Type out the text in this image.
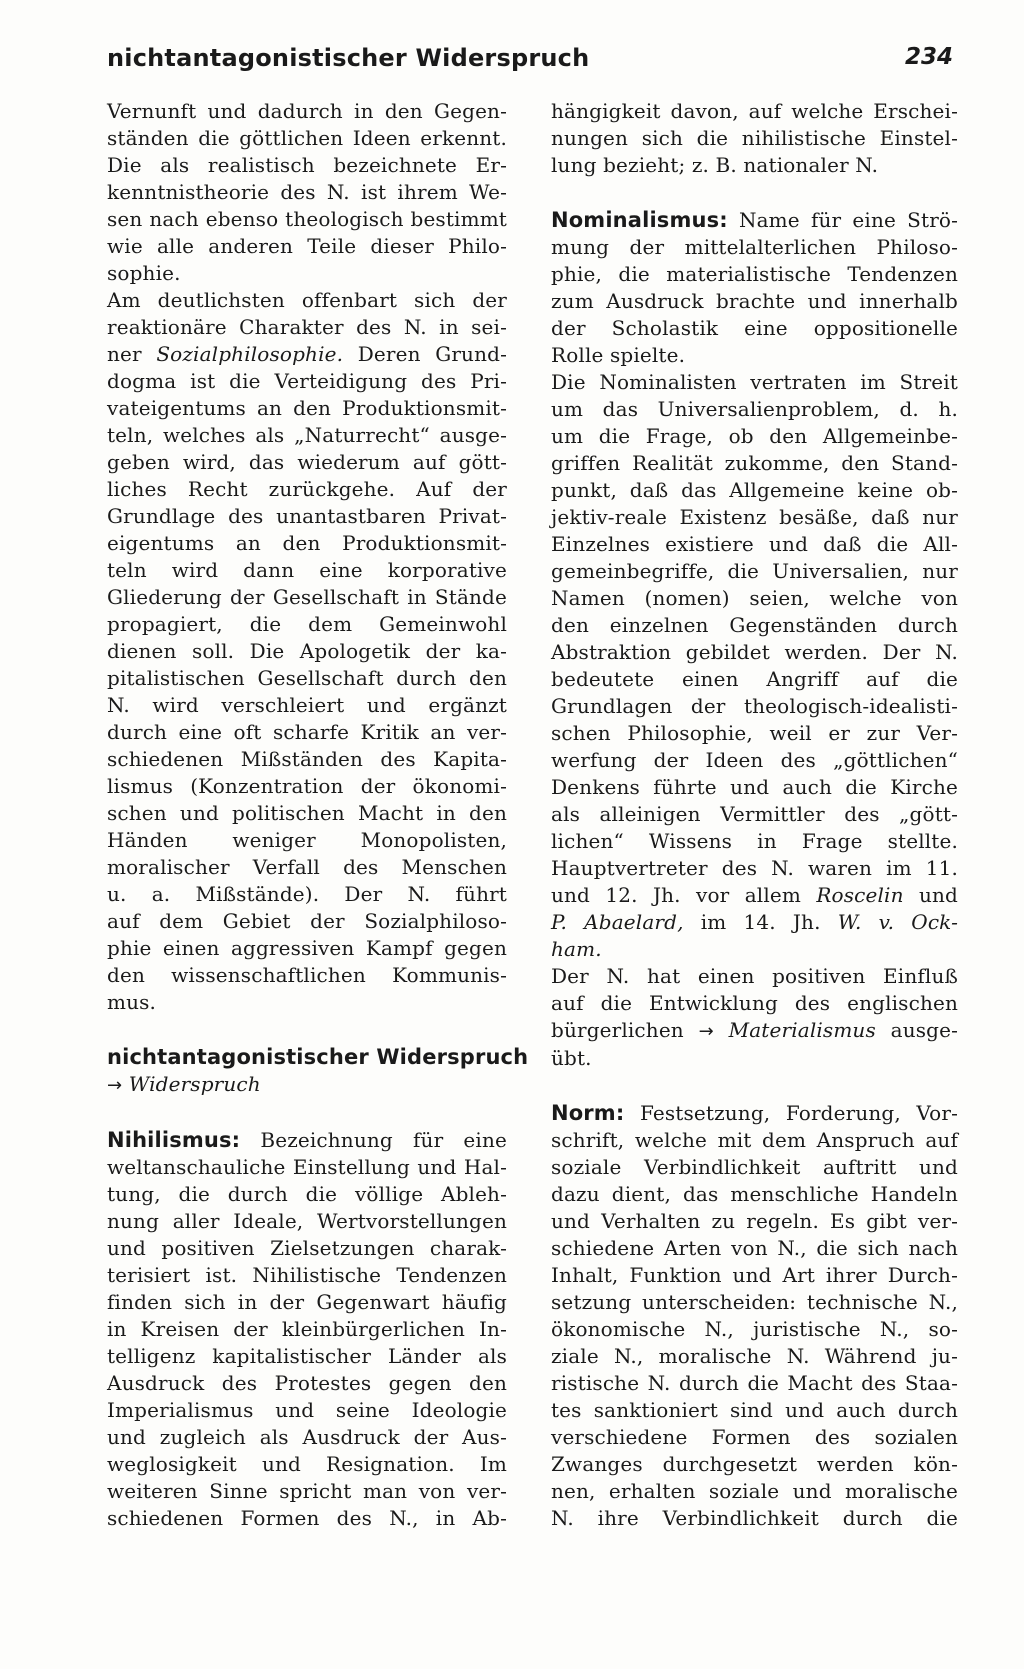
nichtantagonistischer Widerspruch	234
Vernunft und dadurch in den Gegen-
ständen die göttlichen Ideen erkennt.
Die als realistisch bezeichnete Er-
kenntnistheorie des N. ist ihrem We-
sen nach ebenso theologisch bestimmt
wie alle anderen Teile dieser Philo-
sophie.
Am deutlichsten offenbart sich der
reaktionäre Charakter des N. in sei-
ner Sozialphilosophie. Deren Grund-
dogma ist die Verteidigung des Pri-
vateigentums an den Produktionsmit-
teln, welches als „Naturrecht“ ausge-
geben wird, das wiederum auf gött-
liches Recht zurückgehe. Auf der
Grundlage des unantastbaren Privat-
eigentums an den Produktionsmit-
teln wird dann eine korporative
Gliederung der Gesellschaft in Stände
propagiert, die dem Gemeinwohl
dienen soll. Die Apologetik der ka-
pitalistischen Gesellschaft durch den
N. wird verschleiert und ergänzt
durch eine oft scharfe Kritik an ver-
schiedenen Mißständen des Kapita-
lismus (Konzentration der ökonomi-
schen und politischen Macht in den
Händen weniger Monopolisten,
moralischer Verfall des Menschen
u. a. Mißstände). Der N. führt
auf dem Gebiet der Sozialphiloso-
phie einen aggressiven Kampf gegen
den wissenschaftlichen Kommunis-
mus.
nichtantagonistischer Widerspruch
→ Widerspruch
Nihilismus: Bezeichnung für eine
weltanschauliche Einstellung und Hal-
tung, die durch die völlige Ableh-
nung aller Ideale, Wertvorstellungen
und positiven Zielsetzungen charak-
terisiert ist. Nihilistische Tendenzen
finden sich in der Gegenwart häufig
in Kreisen der kleinbürgerlichen In-
telligenz kapitalistischer Länder als
Ausdruck des Protestes gegen den
Imperialismus und seine Ideologie
und zugleich als Ausdruck der Aus-
weglosigkeit und Resignation. Im
weiteren Sinne spricht man von ver-
schiedenen Formen des N., in Ab-
hängigkeit davon, auf welche Erschei-
nungen sich die nihilistische Einstel-
lung bezieht; z. B. nationaler N.
Nominalismus: Name für eine Strö-
mung der mittelalterlichen Philoso-
phie, die materialistische Tendenzen
zum Ausdruck brachte und innerhalb
der Scholastik eine oppositionelle
Rolle spielte.
Die Nominalisten vertraten im Streit
um das Universalienproblem, d. h.
um die Frage, ob den Allgemeinbe-
griffen Realität zukomme, den Stand-
punkt, daß das Allgemeine keine ob-
jektiv-reale Existenz besäße, daß nur
Einzelnes existiere und daß die All-
gemeinbegriffe, die Universalien, nur
Namen (nomen) seien, welche von
den einzelnen Gegenständen durch
Abstraktion gebildet werden. Der N.
bedeutete einen Angriff auf die
Grundlagen der theologisch-idealisti-
schen Philosophie, weil er zur Ver-
werfung der Ideen des „göttlichen“
Denkens führte und auch die Kirche
als alleinigen Vermittler des „gött-
lichen“ Wissens in Frage stellte.
Hauptvertreter des N. waren im 11.
und 12. Jh. vor allem Roscelin und
P. Abaelard, im 14. Jh. W. v. Ock-
ham.
Der N. hat einen positiven Einfluß
auf die Entwicklung des englischen
bürgerlichen → Materialismus ausge-
übt.
Norm: Festsetzung, Forderung, Vor-
schrift, welche mit dem Anspruch auf
soziale Verbindlichkeit auftritt und
dazu dient, das menschliche Handeln
und Verhalten zu regeln. Es gibt ver-
schiedene Arten von N., die sich nach
Inhalt, Funktion und Art ihrer Durch-
setzung unterscheiden: technische N.,
ökonomische N., juristische N., so-
ziale N., moralische N. Während ju-
ristische N. durch die Macht des Staa-
tes sanktioniert sind und auch durch
verschiedene Formen des sozialen
Zwanges durchgesetzt werden kön-
nen, erhalten soziale und moralische
N. ihre Verbindlichkeit durch die
